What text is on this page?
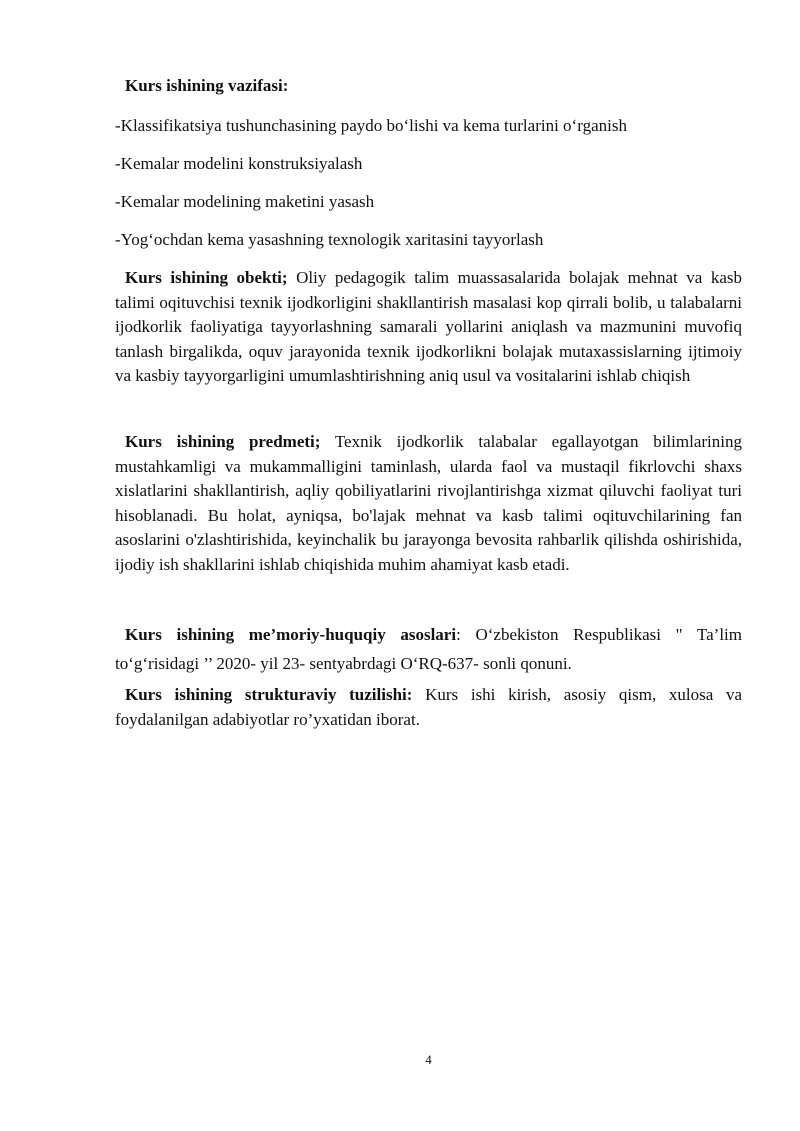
Kurs ishining vazifasi:
-Klassifikatsiya tushunchasining paydo bo‘lishi va kema turlarini o‘rganish
-Kemalar modelini konstruksiyalash
-Kemalar modelining maketini yasash
-Yog‘ochdan kema yasashning texnologik xaritasini tayyorlash

Kurs ishining obekti; Oliy pedagogik talim muassasalarida bolajak mehnat va kasb talimi oqituvchisi texnik ijodkorligini shakllantirish masalasi kop qirrali bolib, u talabalarni ijodkorlik faoliyatiga tayyorlashning samarali yollarini aniqlash va mazmunini muvofiq tanlash birgalikda, oquv jarayonida texnik ijodkorlikni bolajak mutaxassislarning ijtimoiy va kasbiy tayyorgarligini umumlashtirishning aniq usul va vositalarini ishlab chiqish

Kurs ishining predmeti; Texnik ijodkorlik talabalar egallayotgan bilimlarining mustahkamligi va mukammalligini taminlash, ularda faol va mustaqil fikrlovchi shaxs xislatlarini shakllantirish, aqliy qobiliyatlarini rivojlantirishga xizmat qiluvchi faoliyat turi hisoblanadi. Bu holat, ayniqsa, bo'lajak mehnat va kasb talimi oqituvchilarining fan asoslarini o'zlashtirishida, keyinchalik bu jarayonga bevosita rahbarlik qilishda oshirishida, ijodiy ish shakllarini ishlab chiqishida muhim ahamiyat kasb etadi.

Kurs ishining me’moriy-huquqiy asoslari: O‘zbekiston Respublikasi " Ta’lim to‘g‘risidagi ’’ 2020- yil 23- sentyabrdagi O‘RQ-637- sonli qonuni.

Kurs ishining strukturaviy tuzilishi: Kurs ishi kirish, asosiy qism, xulosa va foydalanilgan adabiyotlar ro’yxatidan iborat.

4
